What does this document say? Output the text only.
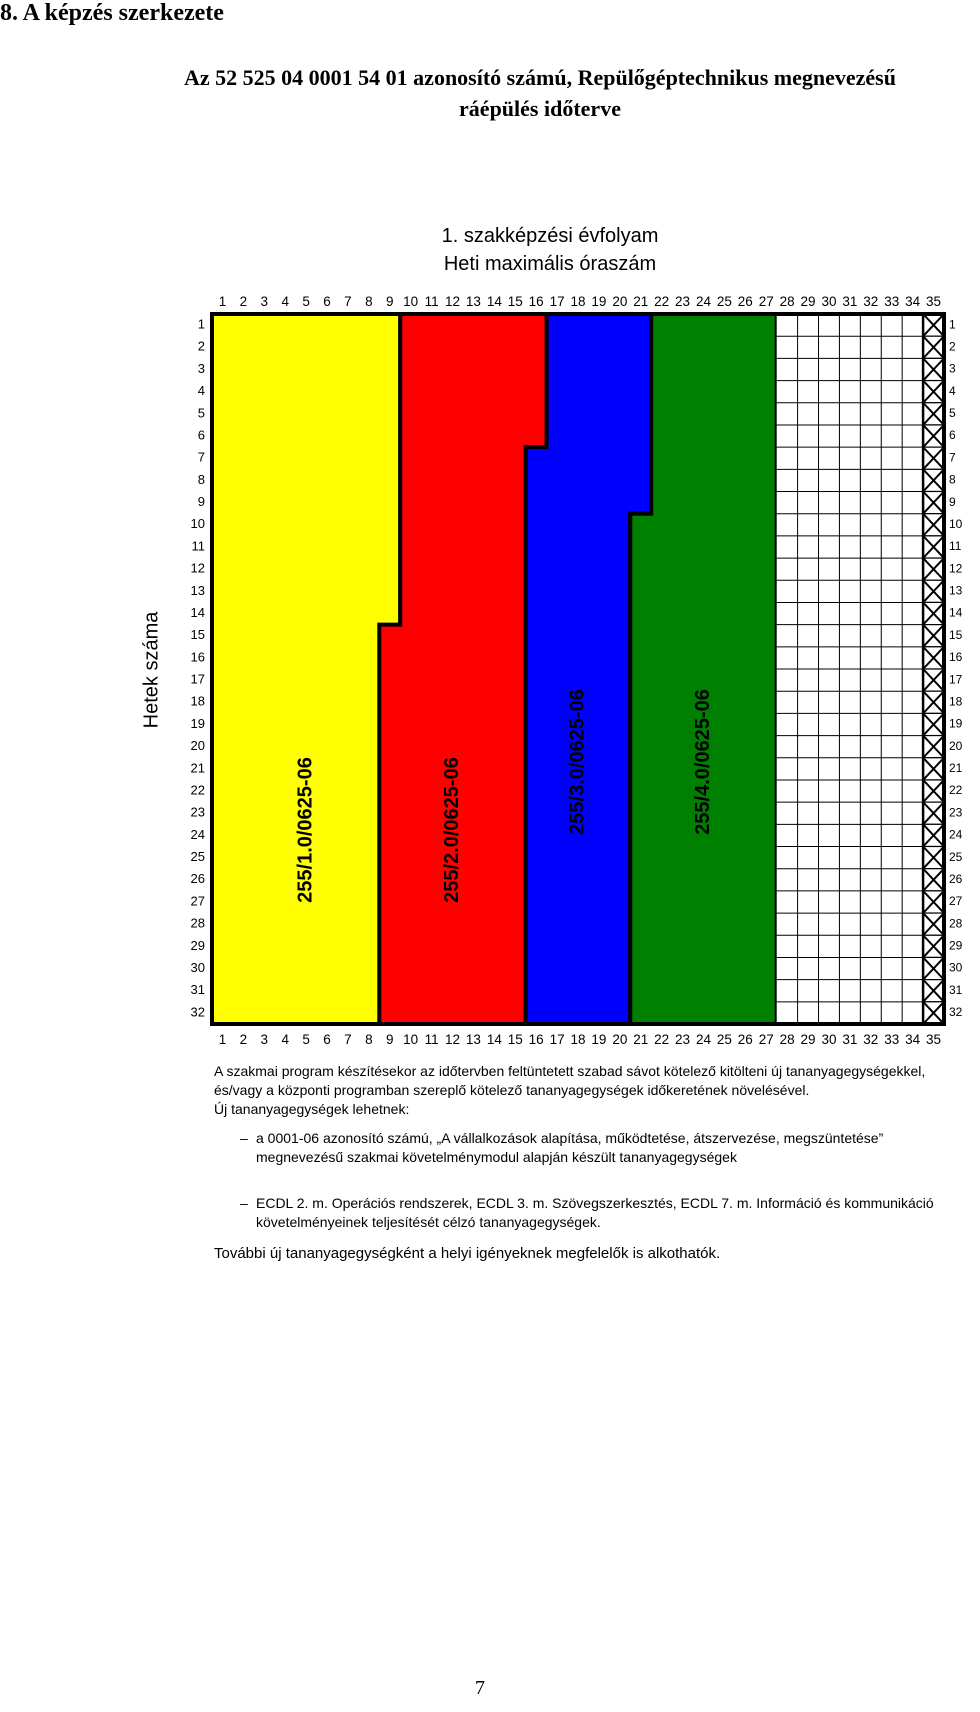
8. A képzés szerkezete
Az 52 525 04 0001 54 01 azonosító számú, Repülőgéptechnikus megnevezésű
ráépülés időterve
1. szakképzési évfolyam
Heti maximális óraszám
255/1.0/0625-06	255/2.0/0625-06	255/3.0/0625-06	255/4.0/0625-06
1
1
2
2
3
3
4
4
5
5
6
6
7
7
8
8
9
9
10
10
11
11
12
12
13
13
14
14
15
15
16
16
17
17
18
18
19
19
20
20
21
21
22
22
23
23
24
24
25
25
26
26
27
27
28
28
29
29
30
30
31
31
32
32
33
33
34
34
35
35
1	1
2	2
3	3
4	4
5	5
6	6
7	7
8	8
9	9
10	10
11	11
12	12
13	13
14	14
15	15
16	16
17	17
18	18
19	19
20	20
21	21
22	22
23	23
24	24
25	25
26	26
27	27
28	28
29	29
30	30
31	31
32	32
Hetek száma

A szakmai program készítésekor az időtervben feltüntetett szabad sávot kötelező kitölteni új tananyagegységekkel, és/vagy a központi programban szereplő kötelező tananyagegységek időkeretének növelésével.

Új tananyagegységek lehetnek:

– a 0001-06 azonosító számú, „A vállalkozások alapítása, működtetése, átszervezése, megszüntetése” megnevezésű szakmai követelménymodul alapján készült tananyagegységek
– ECDL 2. m. Operációs rendszerek, ECDL 3. m. Szövegszerkesztés, ECDL 7. m. Információ és kommunikáció követelményeinek teljesítését célzó tananyagegységek.

További új tananyagegységként a helyi igényeknek megfelelők is alkothatók.

7
